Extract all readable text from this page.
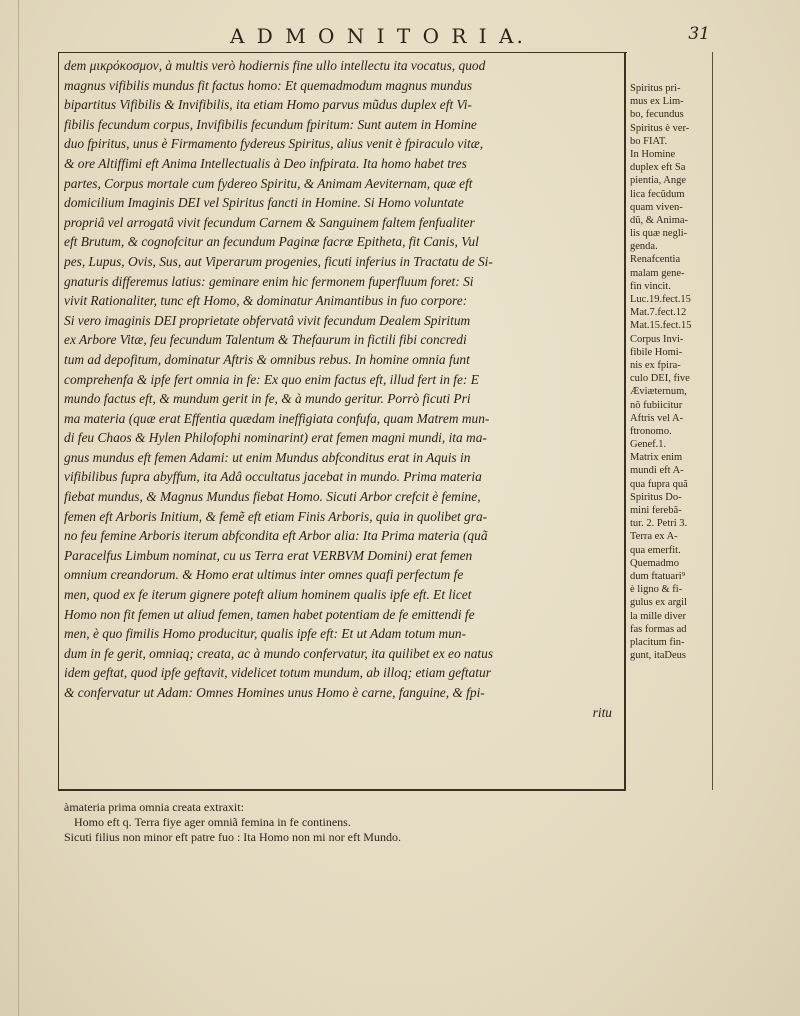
A D M O N I T O R I A.	31
dem μικρόκοσμον, à multis verò hodiernis fine ullo intellectu ita vocatus, quod
magnus vifibilis mundus fit factus homo: Et quemadmodum magnus mundus
bipartitus Vifibilis & Invifibilis, ita etiam Homo parvus mũdus duplex eft Vi-
fibilis fecundum corpus, Invifibilis fecundum fpiritum: Sunt autem in Homine
duo fpiritus, unus è Firmamento fydereus Spiritus, alius venit è fpiraculo vitæ,
& ore Altiffimi eft Anima Intellectualis à Deo infpirata. Ita homo habet tres
partes, Corpus mortale cum fydereo Spiritu, & Animam Aeviternam, quæ eft
domicilium Imaginis DEI vel Spiritus fancti in Homine. Si Homo voluntate
propriâ vel arrogatâ vivit fecundum Carnem & Sanguinem faltem fenfualiter
eft Brutum, & cognofcitur an fecundum Paginæ facræ Epitheta, fit Canis, Vul
pes, Lupus, Ovis, Sus, aut Viperarum progenies, ficuti inferius in Tractatu de Si-
gnaturis differemus latius: geminare enim hic fermonem fuperfluum foret: Si
vivit Rationaliter, tunc eft Homo, & dominatur Animantibus in fuo corpore:
Si vero imaginis DEI proprietate obfervatâ vivit fecundum Dealem Spiritum
ex Arbore Vitæ, feu fecundum Talentum & Thefaurum in fictili fibi concredi
tum ad depofitum, dominatur Aftris & omnibus rebus. In homine omnia funt
comprehenfa & ipfe fert omnia in fe: Ex quo enim factus eft, illud fert in fe: E
mundo factus eft, & mundum gerit in fe, & à mundo geritur. Porrò ficuti Pri
ma materia (quæ erat Effentia quædam ineffigiata confufa, quam Matrem mun-
di feu Chaos & Hylen Philofophi nominarint) erat femen magni mundi, ita ma-
gnus mundus eft femen Adami: ut enim Mundus abfconditus erat in Aquis in
vifibilibus fupra abyffum, ita Adâ occultatus jacebat in mundo. Prima materia
fiebat mundus, & Magnus Mundus fiebat Homo. Sicuti Arbor crefcit è femine,
femen eft Arboris Initium, & femẽ eft etiam Finis Arboris, quia in quolibet gra-
no feu femine Arboris iterum abfcondita eft Arbor alia: Ita Prima materia (quã
Paracelfus Limbum nominat, cu us Terra erat VERBVM Domini) erat femen
omnium creandorum. & Homo erat ultimus inter omnes quafi perfectum fe
men, quod ex fe iterum gignere poteft alium hominem qualis ipfe eft. Et licet
Homo non fit femen ut aliud femen, tamen habet potentiam de fe emittendi fe
men, è quo fimilis Homo producitur, qualis ipfe eft: Et ut Adam totum mun-
dum in fe gerit, omniaq; creata, ac à mundo confervatur, ita quilibet ex eo natus
idem geftat, quod ipfe geftavit, videlicet totum mundum, ab illoq; etiam geftatur
& confervatur ut Adam: Omnes Homines unus Homo è carne, fanguine, & fpi-
ritu
Spiritus pri-
mus ex Lim-
bo, fecundus
Spiritus è ver-
bo FIAT.
In Homine
duplex eft Sa
pientia, Ange
lica fecũdum
quam viven-
dũ, & Anima-
lis quæ negli-
genda.
Renafcentia
malam gene-
fin vincit.
Luc.19.fect.15
Mat.7.fect.12
Mat.15.fect.15
Corpus Invi-
fibile Homi-
nis ex fpira-
culo DEI, five
Æviæternum,
nõ fubiicitur
Aftris vel A-
ftronomo.
Genef.1.
Matrix enim
mundi eft A-
qua fupra quã
Spiritus Do-
mini ferebã-
tur. 2. Petri 3.
Terra ex A-
qua emerfit.
Quemadmo
dum ftatuari⁹
è ligno & fi-
gulus ex argil
la mille diver
fas formas ad
placitum fin-
gunt, itaDeus
àmateria prima omnia creata extraxit:
Homo eft q. Terra fiye ager omniã femina in fe continens.
Sicuti filius non minor eft patre fuo : Ita Homo non mi nor eft Mundo.
